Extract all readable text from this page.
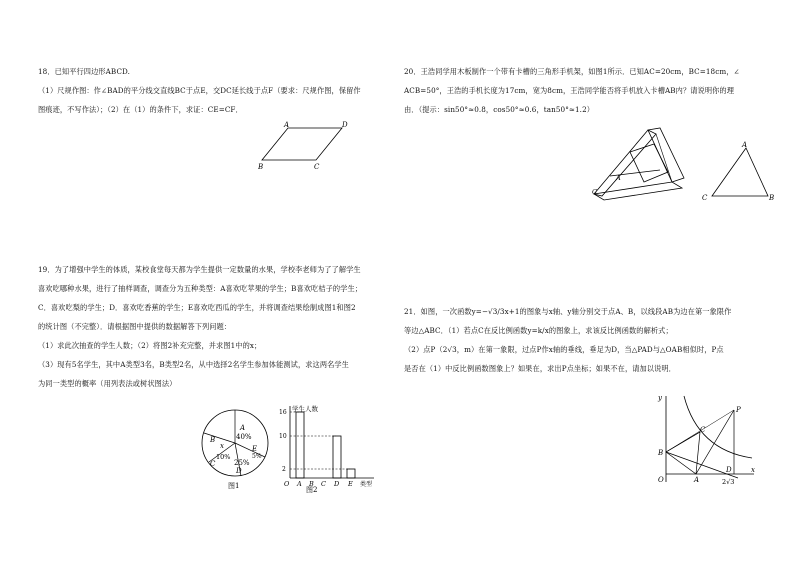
18．已知平行四边形ABCD.

（1）尺规作图：作∠BAD的平分线交直线BC于点E，交DC延长线于点F（要求：尺规作图，保留作

图痕迹，不写作法）；（2）在（1）的条件下，求证：CE=CF．

A	D
B	C

19．为了增强中学生的体质，某校食堂每天都为学生提供一定数量的水果，学校李老师为了了解学生

喜欢吃哪种水果，进行了抽样调查，调查分为五种类型：A喜欢吃苹果的学生；B喜欢吃桔子的学生；

C．喜欢吃梨的学生；D．喜欢吃香蕉的学生；E喜欢吃西瓜的学生，并将调查结果绘制成图1和图2

的统计图（不完整）．请根据图中提供的数据解答下列问题：

（1）求此次抽查的学生人数；（2）将图2补充完整，并求图1中的x；

（3）现有5名学生，其中A类型3名，B类型2名，从中选择2名学生参加体能测试，求这两名学生

为同一类型的概率（用列表法或树状图法）

A
40%
B
x
10%
C	25%
D
5%
E
图1
学生人数
2
10
16
O A B C D E 类型
图2

20．王浩同学用木板制作一个带有卡槽的三角形手机架，如图1所示．已知AC=20cm，BC=18cm，∠

ACB=50°，王浩的手机长度为17cm，宽为8cm，王浩同学能否将手机放入卡槽AB内？请说明你的理

由．（提示：sin50°≈0.8，cos50°≈0.6，tan50°≈1.2）

C
A
A
C	B

21．如图，一次函数y=−√3/3x+1的图象与x轴、y轴分别交于点A、B，以线段AB为边在第一象限作

等边△ABC．（1）若点C在反比例函数y=k/x的图象上，求该反比例函数的解析式；

（2）点P（2√3，m）在第一象限，过点P作x轴的垂线，垂足为D，当△PAD与△OAB相似时，P点

是否在（1）中反比例函数图象上？如果在，求出P点坐标；如果不在，请加以说明．

y
x
O	A
B
C
D
P
2√3
